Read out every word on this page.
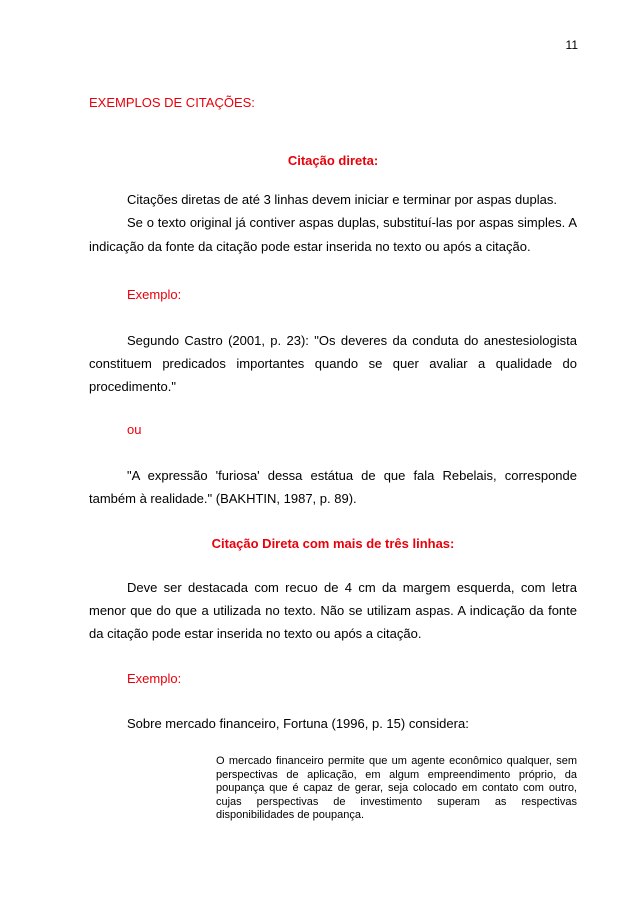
11
EXEMPLOS DE CITAÇÕES:

Citação direta:

Citações diretas de até 3 linhas devem iniciar e terminar por aspas duplas.

Se o texto original já contiver aspas duplas, substituí-las por aspas simples. A indicação da fonte da citação pode estar inserida no texto ou após a citação.

Exemplo:

Segundo Castro (2001, p. 23): "Os deveres da conduta do anestesiologista constituem predicados importantes quando se quer avaliar a qualidade do procedimento."

ou

"A expressão 'furiosa' dessa estátua de que fala Rebelais, corresponde também à realidade." (BAKHTIN, 1987, p. 89).

Citação Direta com mais de três linhas:

Deve ser destacada com recuo de 4 cm da margem esquerda, com letra menor que do que a utilizada no texto. Não se utilizam aspas. A indicação da fonte da citação pode estar inserida no texto ou após a citação.

Exemplo:

Sobre mercado financeiro, Fortuna (1996, p. 15) considera:

O mercado financeiro permite que um agente econômico qualquer, sem perspectivas de aplicação, em algum empreendimento próprio, da poupança que é capaz de gerar, seja colocado em contato com outro, cujas perspectivas de investimento superam as respectivas disponibilidades de poupança.
